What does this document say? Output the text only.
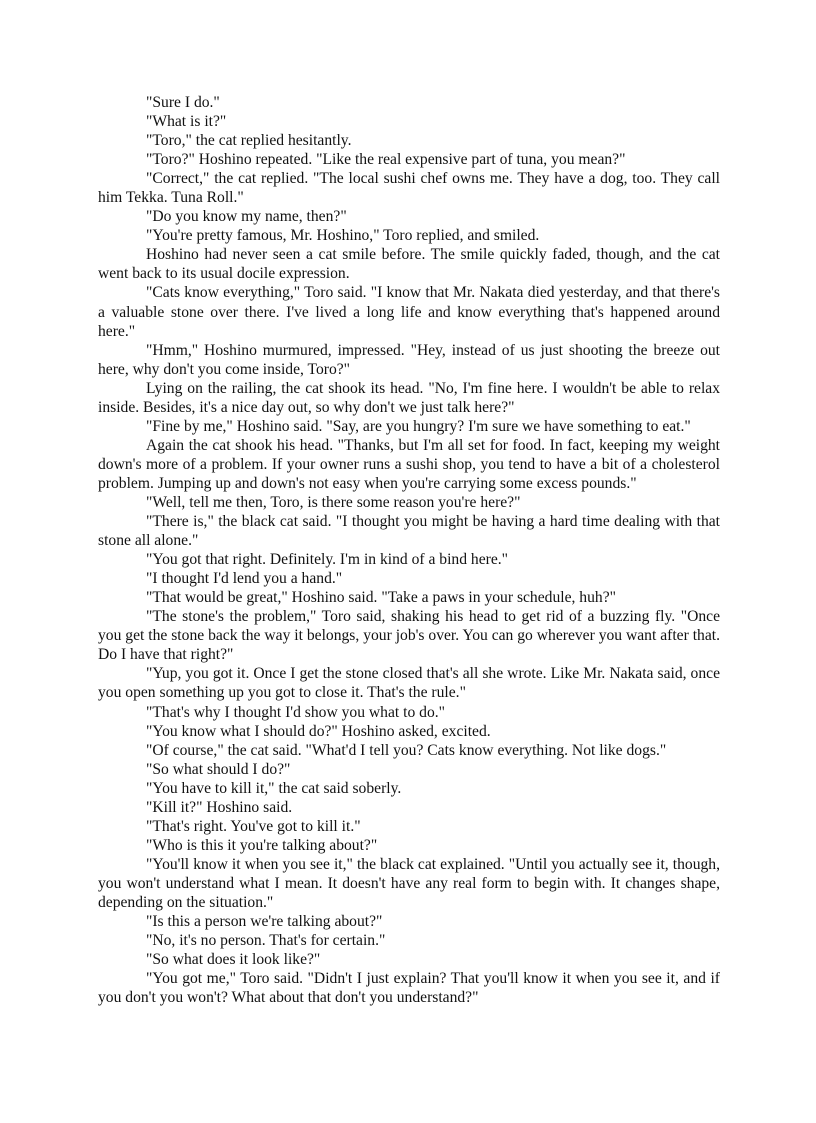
"Sure I do."

"What is it?"

"Toro," the cat replied hesitantly.

"Toro?" Hoshino repeated. "Like the real expensive part of tuna, you mean?"

"Correct," the cat replied. "The local sushi chef owns me. They have a dog, too. They call him Tekka. Tuna Roll."

"Do you know my name, then?"

"You're pretty famous, Mr. Hoshino," Toro replied, and smiled.

Hoshino had never seen a cat smile before. The smile quickly faded, though, and the cat went back to its usual docile expression.

"Cats know everything," Toro said. "I know that Mr. Nakata died yesterday, and that there's a valuable stone over there. I've lived a long life and know everything that's happened around here."

"Hmm," Hoshino murmured, impressed. "Hey, instead of us just shooting the breeze out here, why don't you come inside, Toro?"

Lying on the railing, the cat shook its head. "No, I'm fine here. I wouldn't be able to relax inside. Besides, it's a nice day out, so why don't we just talk here?"

"Fine by me," Hoshino said. "Say, are you hungry? I'm sure we have something to eat."

Again the cat shook his head. "Thanks, but I'm all set for food. In fact, keeping my weight down's more of a problem. If your owner runs a sushi shop, you tend to have a bit of a cholesterol problem. Jumping up and down's not easy when you're carrying some excess pounds."

"Well, tell me then, Toro, is there some reason you're here?"

"There is," the black cat said. "I thought you might be having a hard time dealing with that stone all alone."

"You got that right. Definitely. I'm in kind of a bind here."

"I thought I'd lend you a hand."

"That would be great," Hoshino said. "Take a paws in your schedule, huh?"

"The stone's the problem," Toro said, shaking his head to get rid of a buzzing fly. "Once you get the stone back the way it belongs, your job's over. You can go wherever you want after that. Do I have that right?"

"Yup, you got it. Once I get the stone closed that's all she wrote. Like Mr. Nakata said, once you open something up you got to close it. That's the rule."

"That's why I thought I'd show you what to do."

"You know what I should do?" Hoshino asked, excited.

"Of course," the cat said. "What'd I tell you? Cats know everything. Not like dogs."

"So what should I do?"

"You have to kill it," the cat said soberly.

"Kill it?" Hoshino said.

"That's right. You've got to kill it."

"Who is this it you're talking about?"

"You'll know it when you see it," the black cat explained. "Until you actually see it, though, you won't understand what I mean. It doesn't have any real form to begin with. It changes shape, depending on the situation."

"Is this a person we're talking about?"

"No, it's no person. That's for certain."

"So what does it look like?"

"You got me," Toro said. "Didn't I just explain? That you'll know it when you see it, and if you don't you won't? What about that don't you understand?"
